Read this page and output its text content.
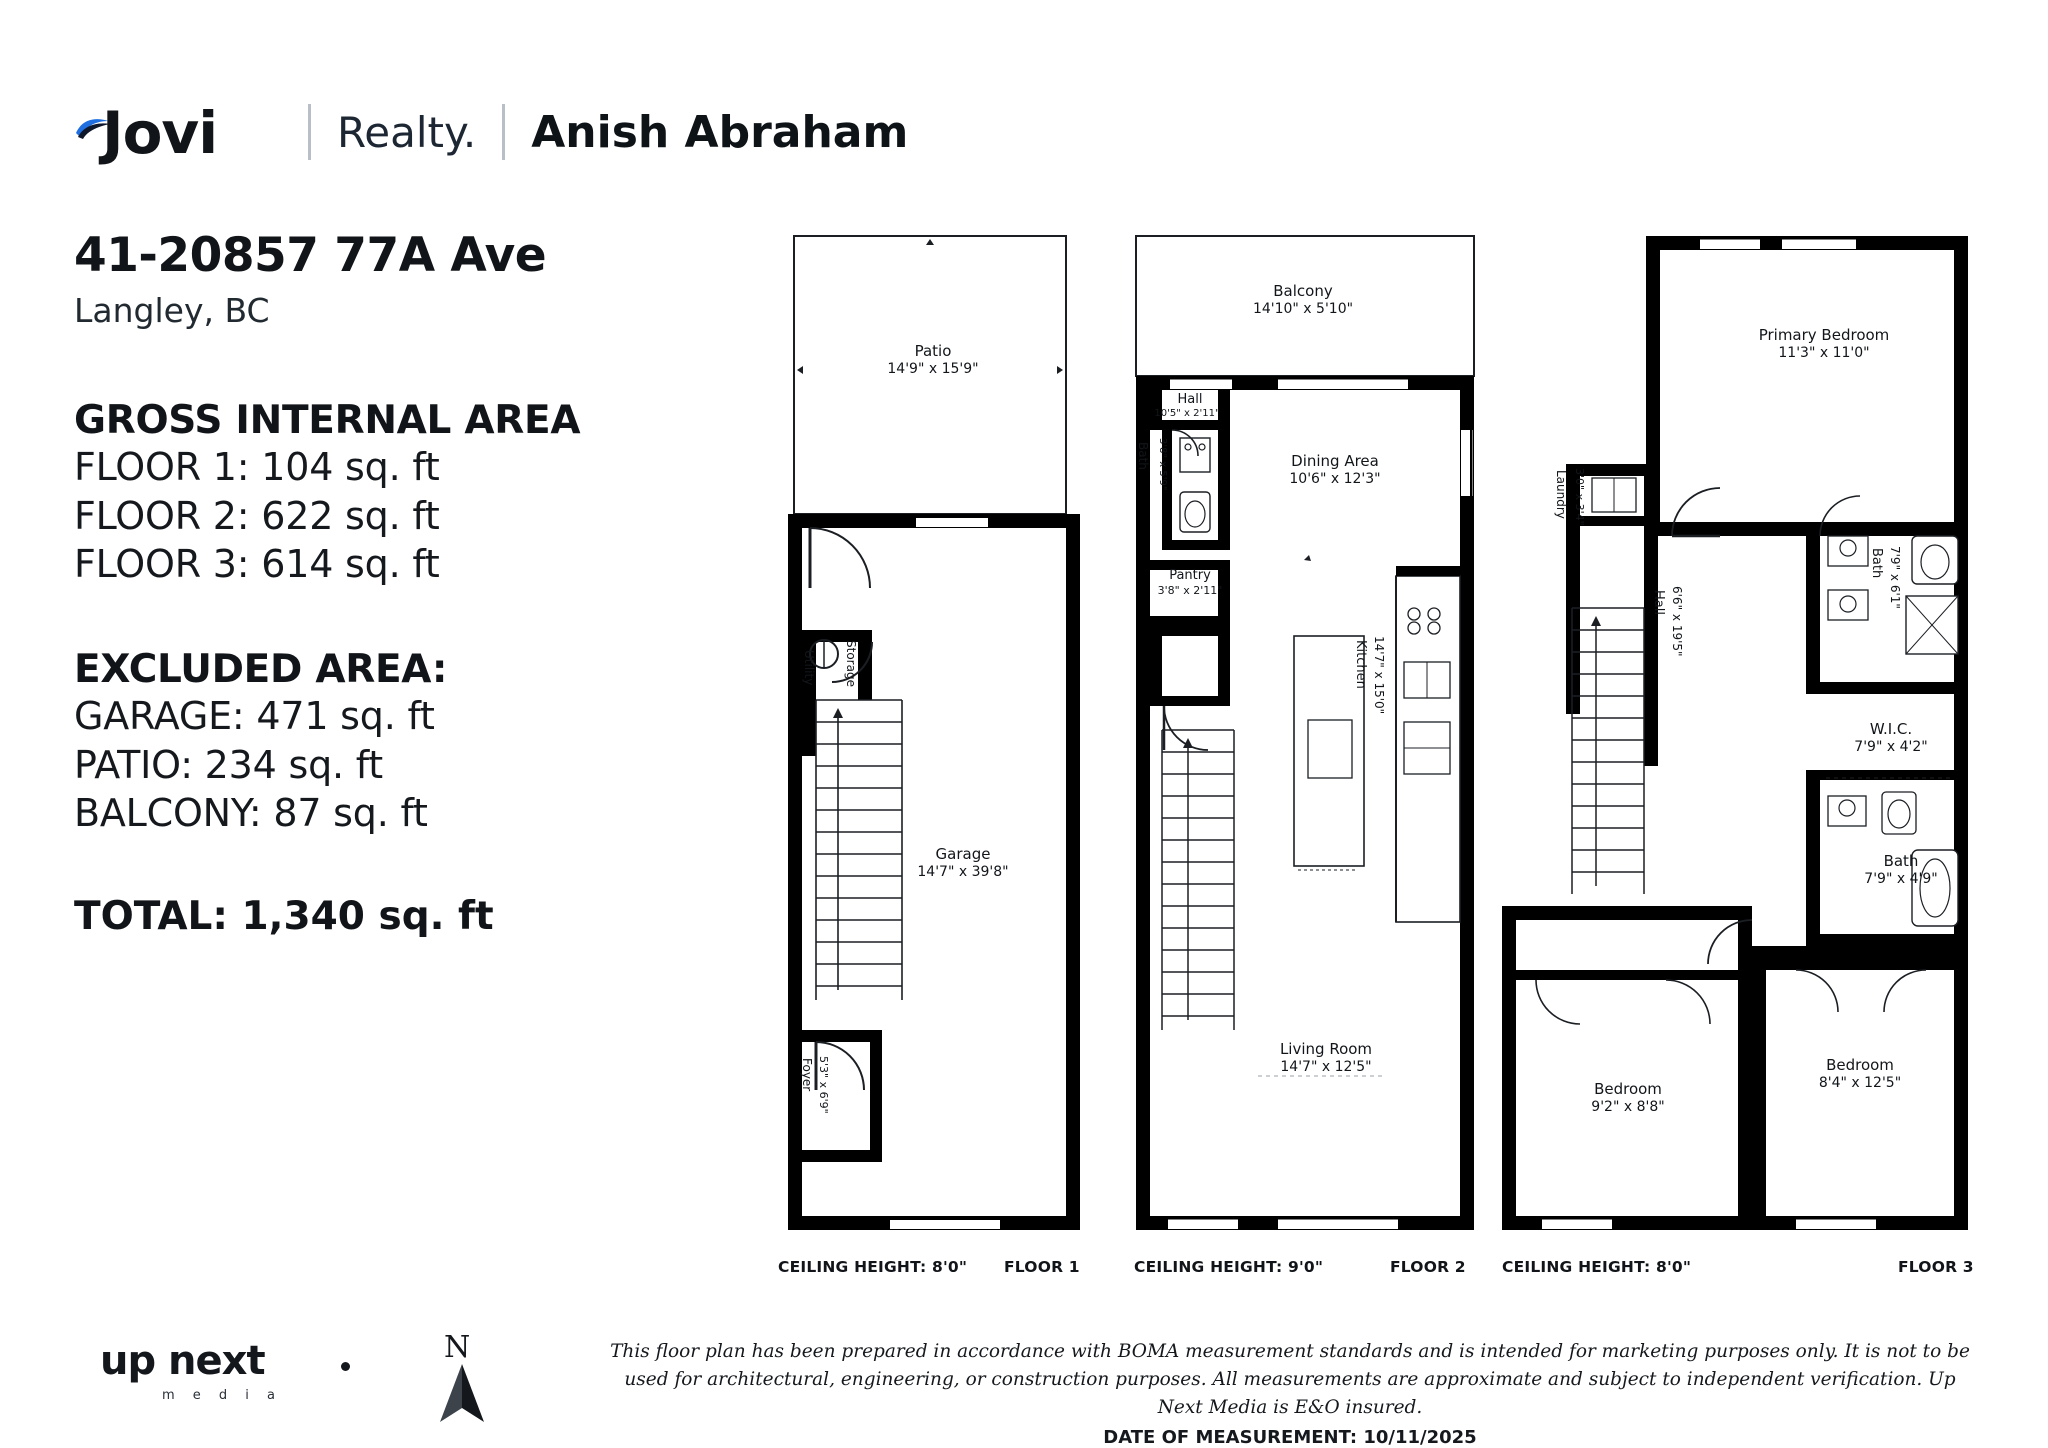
Jovi	Realty. Anish Abraham
41-20857 77A Ave
Langley, BC
GROSS INTERNAL AREA
FLOOR 1: 104 sq. ft
FLOOR 2: 622 sq. ft
FLOOR 3: 614 sq. ft
EXCLUDED AREA:
GARAGE: 471 sq. ft
PATIO: 234 sq. ft
BALCONY: 87 sq. ft
TOTAL: 1,340 sq. ft
up next
m e d i a
N	This floor plan has been prepared in accordance with BOMA measurement standards and is intended for marketing purposes only. It is not to be used for architectural, engineering, or construction purposes. All measurements are approximate and subject to independent verification. Up Next Media is E&O insured.
DATE OF MEASUREMENT: 10/11/2025
Patio
14'9" x 15'9"
Garage
14'7" x 39'8"
Utility Storage
Foyer 5'3" x 6'9"
CEILING HEIGHT: 8'0" FLOOR 1
Balcony
14'10" x 5'10"
Hall
10'5" x 2'11"
Bath 3'8" x 5'9"
Pantry
3'8" x 2'11"
Dining Area
10'6" x 12'3"
Kitchen 14'7" x 15'0"
Living Room
14'7" x 12'5"
CEILING HEIGHT: 9'0"	FLOOR 2
Primary Bedroom
11'3" x 11'0"
Laundry 3'0" x 3'4"
Bath 7'9" x 6'1"
W.I.C.
7'9" x 4'2"
Hall 6'6" x 19'5"
Bath
7'9" x 4'9"
Bedroom
9'2" x 8'8"
Bedroom
8'4" x 12'5"
CEILING HEIGHT: 8'0"	FLOOR 3
